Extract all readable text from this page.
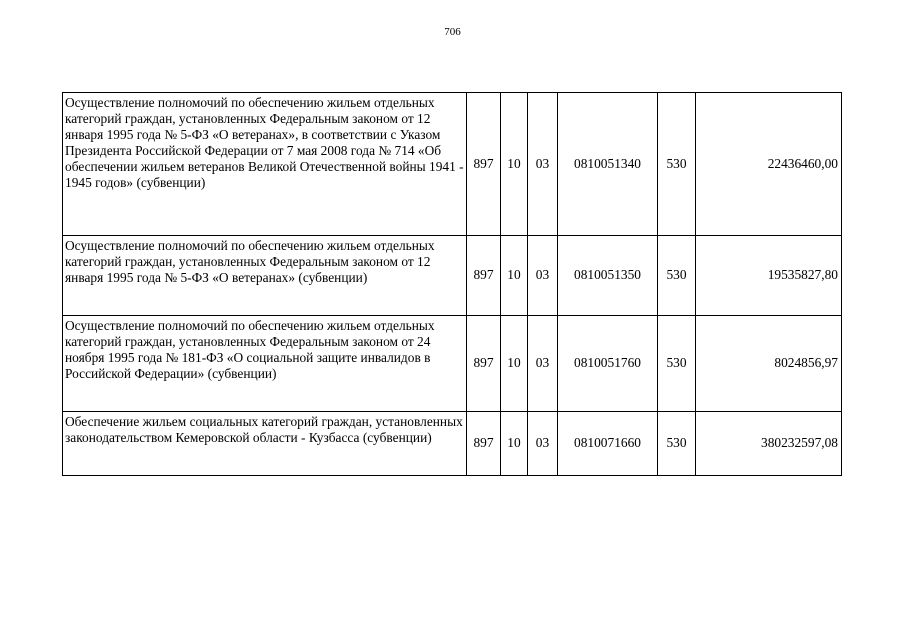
706
Осуществление полномочий по обеспечению жильем отдельных категорий граждан, установленных Федеральным законом от 12 января 1995 года № 5-ФЗ «О ветеранах», в соответствии с Указом Президента Российской Федерации от 7 мая 2008 года № 714 «Об обеспечении жильем ветеранов Великой Отечественной войны 1941 - 1945 годов» (субвенции)	897	10	03	0810051340	530	22436460,00
Осуществление полномочий по обеспечению жильем отдельных категорий граждан, установленных Федеральным законом от 12 января 1995 года № 5-ФЗ «О ветеранах» (субвенции)	897	10	03	0810051350	530	19535827,80
Осуществление полномочий по обеспечению жильем отдельных категорий граждан, установленных Федеральным законом от 24 ноября 1995 года № 181-ФЗ «О социальной защите инвалидов в Российской Федерации» (субвенции)	897	10	03	0810051760	530	8024856,97
Обеспечение жильем социальных категорий граждан, установленных законодательством Кемеровской области - Кузбасса (субвенции)	897	10	03	0810071660	530	380232597,08
